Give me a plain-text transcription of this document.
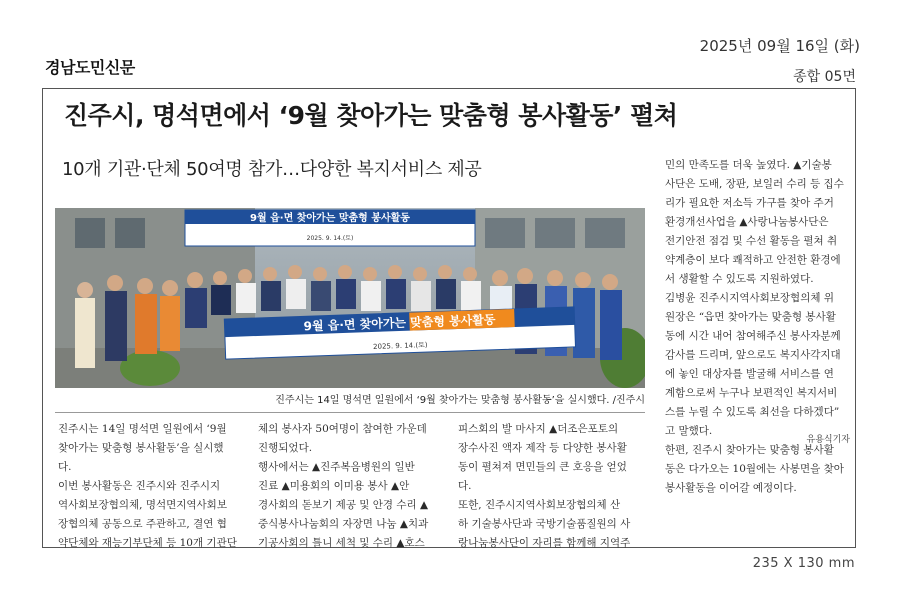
경남도민신문
2025년 09월 16일 (화)
종합 05면
진주시, 명석면에서 ‘9월 찾아가는 맞춤형 봉사활동’ 펼쳐
10개 기관·단체 50여명 참가…다양한 복지서비스 제공
9월 읍·면 찾아가는 맞춤형 봉사활동
2025. 9. 14.(토)
9월 읍·면 찾아가는 맞춤형 봉사활동
2025. 9. 14.(토)
진주시는 14일 명석면 일원에서 ‘9월 찾아가는 맞춤형 봉사활동’을 실시했다. /진주시
진주시는 14일 명석면 일원에서 ‘9월
찾아가는 맞춤형 봉사활동’을 실시했
다.
이번 봉사활동은 진주시와 진주시지
역사회보장협의체, 명석면지역사회보
장협의체 공동으로 주관하고, 결연 협
약단체와 재능기부단체 등 10개 기관단
체의 봉사자 50여명이 참여한 가운데
진행되었다.
행사에서는 ▲진주복음병원의 일반
진료 ▲미용회의 이미용 봉사 ▲안
경사회의 돋보기 제공 및 안경 수리 ▲
중식봉사나눔회의 자장면 나눔 ▲치과
기공사회의 틀니 세척 및 수리 ▲호스
피스회의 발 마사지 ▲더조은포토의
장수사진 액자 제작 등 다양한 봉사활
동이 펼쳐져 면민들의 큰 호응을 얻었
다.
또한, 진주시지역사회보장협의체 산
하 기술봉사단과 국방기술품질원의 사
랑나눔봉사단이 자리를 함께해 지역주
민의 만족도를 더욱 높였다. ▲기술봉
사단은 도배, 장판, 보일러 수리 등 집수
리가 필요한 저소득 가구를 찾아 주거
환경개선사업을 ▲사랑나눔봉사단은
전기안전 점검 및 수선 활동을 펼쳐 취
약계층이 보다 쾌적하고 안전한 환경에
서 생활할 수 있도록 지원하였다.
김병윤 진주시지역사회보장협의체 위
원장은 “읍면 찾아가는 맞춤형 봉사활
동에 시간 내어 참여해주신 봉사자분께
감사를 드리며, 앞으로도 복지사각지대
에 놓인 대상자를 발굴해 서비스를 연
계함으로써 누구나 보편적인 복지서비
스를 누릴 수 있도록 최선을 다하겠다”
고 말했다.
한편, 진주시 찾아가는 맞춤형 봉사활
동은 다가오는 10월에는 사봉면을 찾아
봉사활동을 이어갈 예정이다.
유용식기자
235 X 130 mm
